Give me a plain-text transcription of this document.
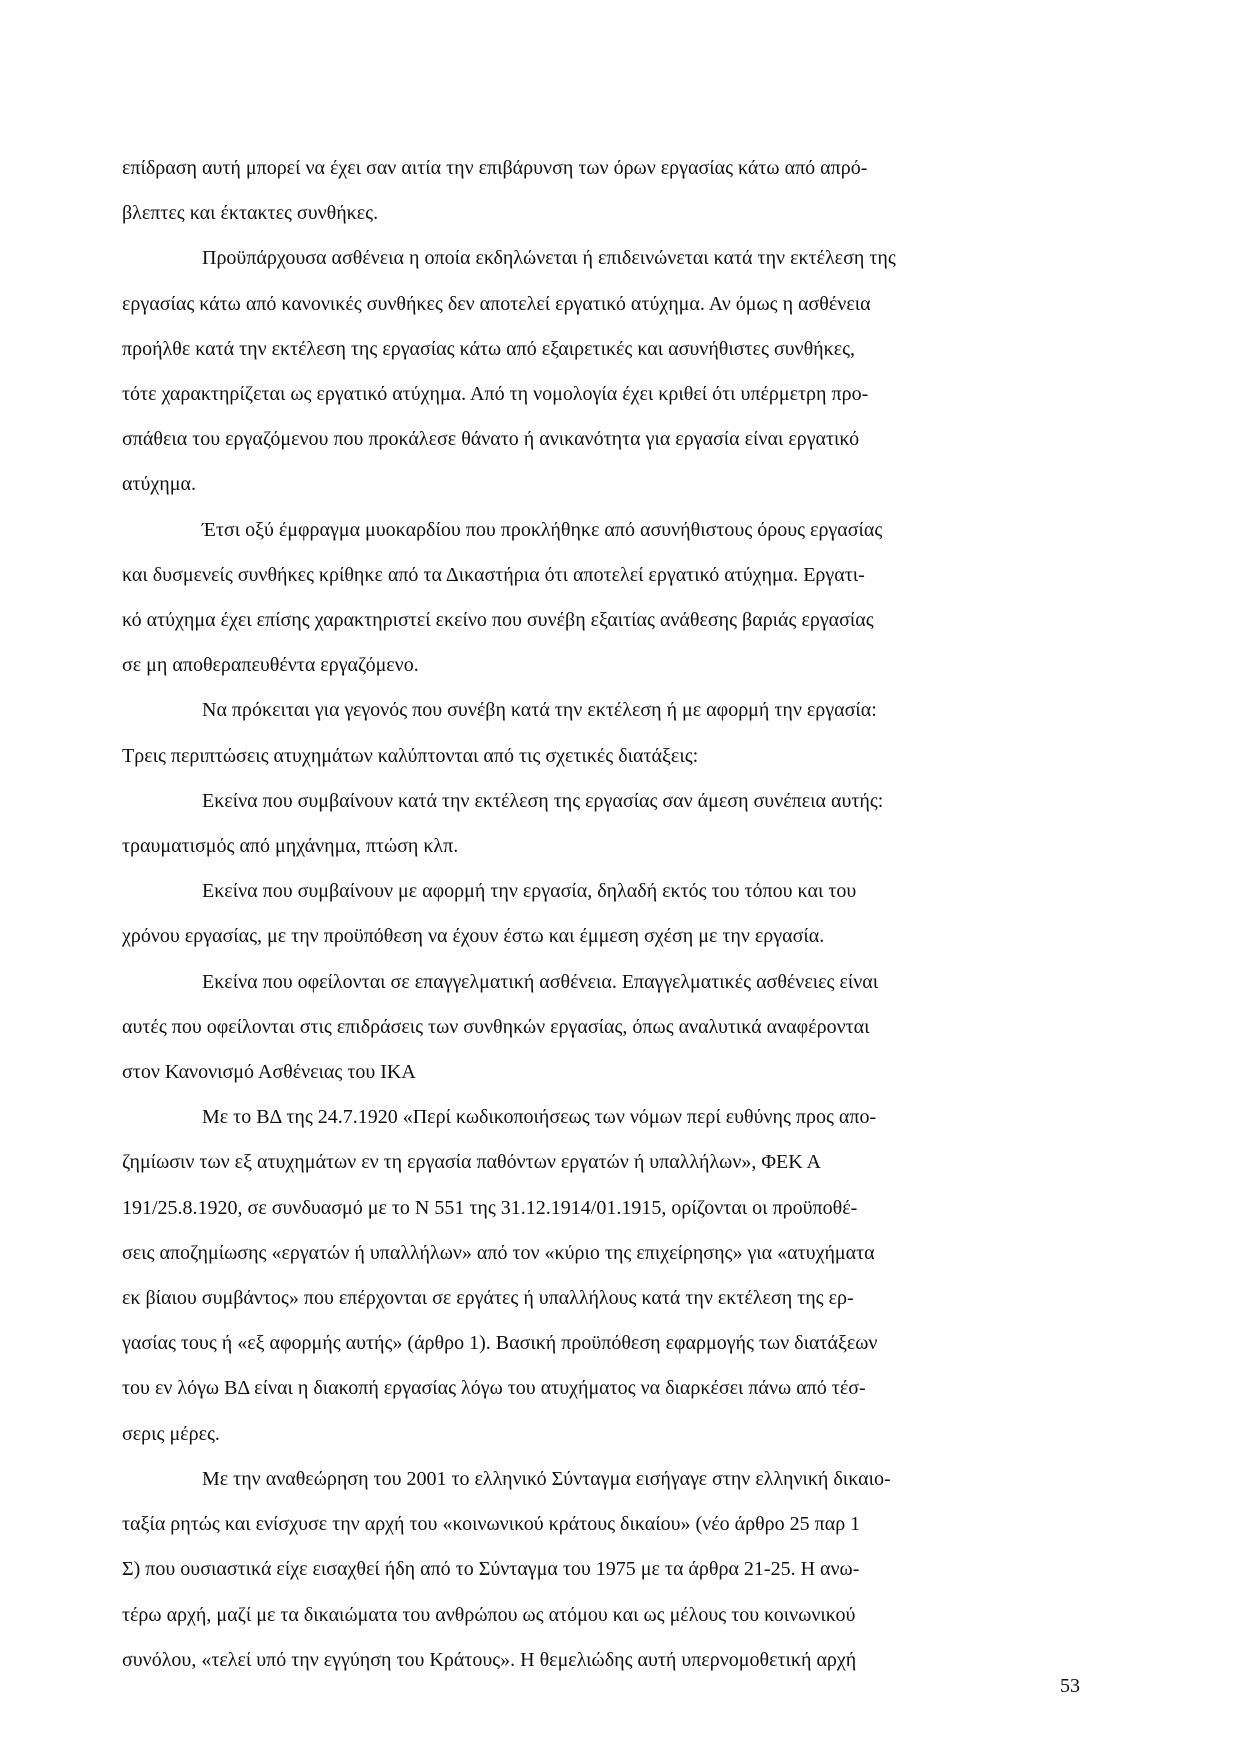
επίδραση αυτή μπορεί να έχει σαν αιτία την επιβάρυνση των όρων εργασίας κάτω από απρό-
βλεπτες και έκτακτες συνθήκες.
Προϋπάρχουσα ασθένεια η οποία εκδηλώνεται ή επιδεινώνεται κατά την εκτέλεση της
εργασίας κάτω από κανονικές συνθήκες δεν αποτελεί εργατικό ατύχημα. Αν όμως η ασθένεια
προήλθε κατά την εκτέλεση της εργασίας κάτω από εξαιρετικές και ασυνήθιστες συνθήκες,
τότε χαρακτηρίζεται ως εργατικό ατύχημα. Από τη νομολογία έχει κριθεί ότι υπέρμετρη προ-
σπάθεια του εργαζόμενου που προκάλεσε θάνατο ή ανικανότητα για εργασία είναι εργατικό
ατύχημα.
Έτσι οξύ έμφραγμα μυοκαρδίου που προκλήθηκε από ασυνήθιστους όρους εργασίας
και δυσμενείς συνθήκες κρίθηκε από τα Δικαστήρια ότι αποτελεί εργατικό ατύχημα. Εργατι-
κό ατύχημα έχει επίσης χαρακτηριστεί εκείνο που συνέβη εξαιτίας ανάθεσης βαριάς εργασίας
σε μη αποθεραπευθέντα εργαζόμενο.
Να πρόκειται για γεγονός που συνέβη κατά την εκτέλεση ή με αφορμή την εργασία:
Τρεις περιπτώσεις ατυχημάτων καλύπτονται από τις σχετικές διατάξεις:
Εκείνα που συμβαίνουν κατά την εκτέλεση της εργασίας σαν άμεση συνέπεια αυτής:
τραυματισμός από μηχάνημα, πτώση κλπ.
Εκείνα που συμβαίνουν με αφορμή την εργασία, δηλαδή εκτός του τόπου και του
χρόνου εργασίας, με την προϋπόθεση να έχουν έστω και έμμεση σχέση με την εργασία.
Εκείνα που οφείλονται σε επαγγελματική ασθένεια. Επαγγελματικές ασθένειες είναι
αυτές που οφείλονται στις επιδράσεις των συνθηκών εργασίας, όπως αναλυτικά αναφέρονται
στον Κανονισμό Ασθένειας του ΙΚΑ
Με το ΒΔ της 24.7.1920 «Περί κωδικοποιήσεως των νόμων περί ευθύνης προς απο-
ζημίωσιν των εξ ατυχημάτων εν τη εργασία παθόντων εργατών ή υπαλλήλων», ΦΕΚ Α
191/25.8.1920, σε συνδυασμό με το Ν 551 της 31.12.1914/01.1915, ορίζονται οι προϋποθέ-
σεις αποζημίωσης «εργατών ή υπαλλήλων» από τον «κύριο της επιχείρησης» για «ατυχήματα
εκ βίαιου συμβάντος» που επέρχονται σε εργάτες ή υπαλλήλους κατά την εκτέλεση της ερ-
γασίας τους ή «εξ αφορμής αυτής» (άρθρο 1). Βασική προϋπόθεση εφαρμογής των διατάξεων
του εν λόγω ΒΔ είναι η διακοπή εργασίας λόγω του ατυχήματος να διαρκέσει πάνω από τέσ-
σερις μέρες.
Με την αναθεώρηση του 2001 το ελληνικό Σύνταγμα εισήγαγε στην ελληνική δικαιο-
ταξία ρητώς και ενίσχυσε την αρχή του «κοινωνικού κράτους δικαίου» (νέο άρθρο 25 παρ 1
Σ) που ουσιαστικά είχε εισαχθεί ήδη από το Σύνταγμα του 1975 με τα άρθρα 21-25. Η ανω-
τέρω αρχή, μαζί με τα δικαιώματα του ανθρώπου ως ατόμου και ως μέλους του κοινωνικού
συνόλου, «τελεί υπό την εγγύηση του Κράτους». Η θεμελιώδης αυτή υπερνομοθετική αρχή
53
